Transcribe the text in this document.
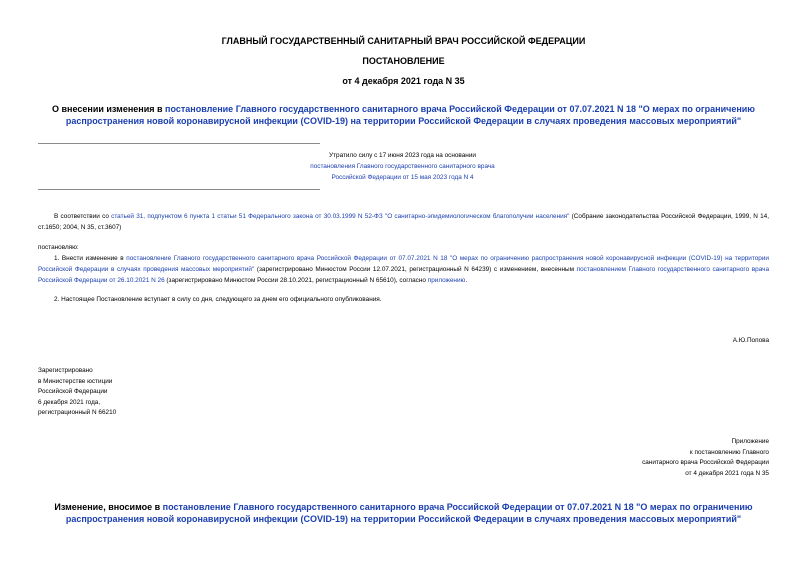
ГЛАВНЫЙ ГОСУДАРСТВЕННЫЙ САНИТАРНЫЙ ВРАЧ РОССИЙСКОЙ ФЕДЕРАЦИИ
ПОСТАНОВЛЕНИЕ
от 4 декабря 2021 года N 35
О внесении изменения в постановление Главного государственного санитарного врача Российской Федерации от 07.07.2021 N 18 "О мерах по ограничению
распространения новой коронавирусной инфекции (COVID-19) на территории Российской Федерации в случаях проведения массовых мероприятий"
Утратило силу с 17 июня 2023 года на основании
постановления Главного государственного санитарного врача
Российской Федерации от 15 мая 2023 года N 4
В соответствии со статьей 31, подпунктом 6 пункта 1 статьи 51 Федерального закона от 30.03.1999 N 52-ФЗ "О санитарно-эпидемиологическом благополучии населения" (Собрание законодательства Российской Федерации, 1999, N 14, ст.1650; 2004, N 35, ст.3607)
постановляю:
1. Внести изменение в постановление Главного государственного санитарного врача Российской Федерации от 07.07.2021 N 18 "О мерах по ограничению распространения новой коронавирусной инфекции (COVID-19) на территории Российской Федерации в случаях проведения массовых мероприятий" (зарегистрировано Минюстом России 12.07.2021, регистрационный N 64239) с изменением, внесенным постановлением Главного государственного санитарного врача Российской Федерации от 26.10.2021 N 26 (зарегистрировано Минюстом России 28.10.2021, регистрационный N 65610), согласно приложению.
2. Настоящее Постановление вступает в силу со дня, следующего за днем его официального опубликования.
А.Ю.Попова
Зарегистрировано
в Министерстве юстиции
Российской Федерации
6 декабря 2021 года,
регистрационный N 66210
Приложение
к постановлению Главного
санитарного врача Российской Федерации
от 4 декабря 2021 года N 35
Изменение, вносимое в постановление Главного государственного санитарного врача Российской Федерации от 07.07.2021 N 18 "О мерах по ограничению
распространения новой коронавирусной инфекции (COVID-19) на территории Российской Федерации в случаях проведения массовых мероприятий"
